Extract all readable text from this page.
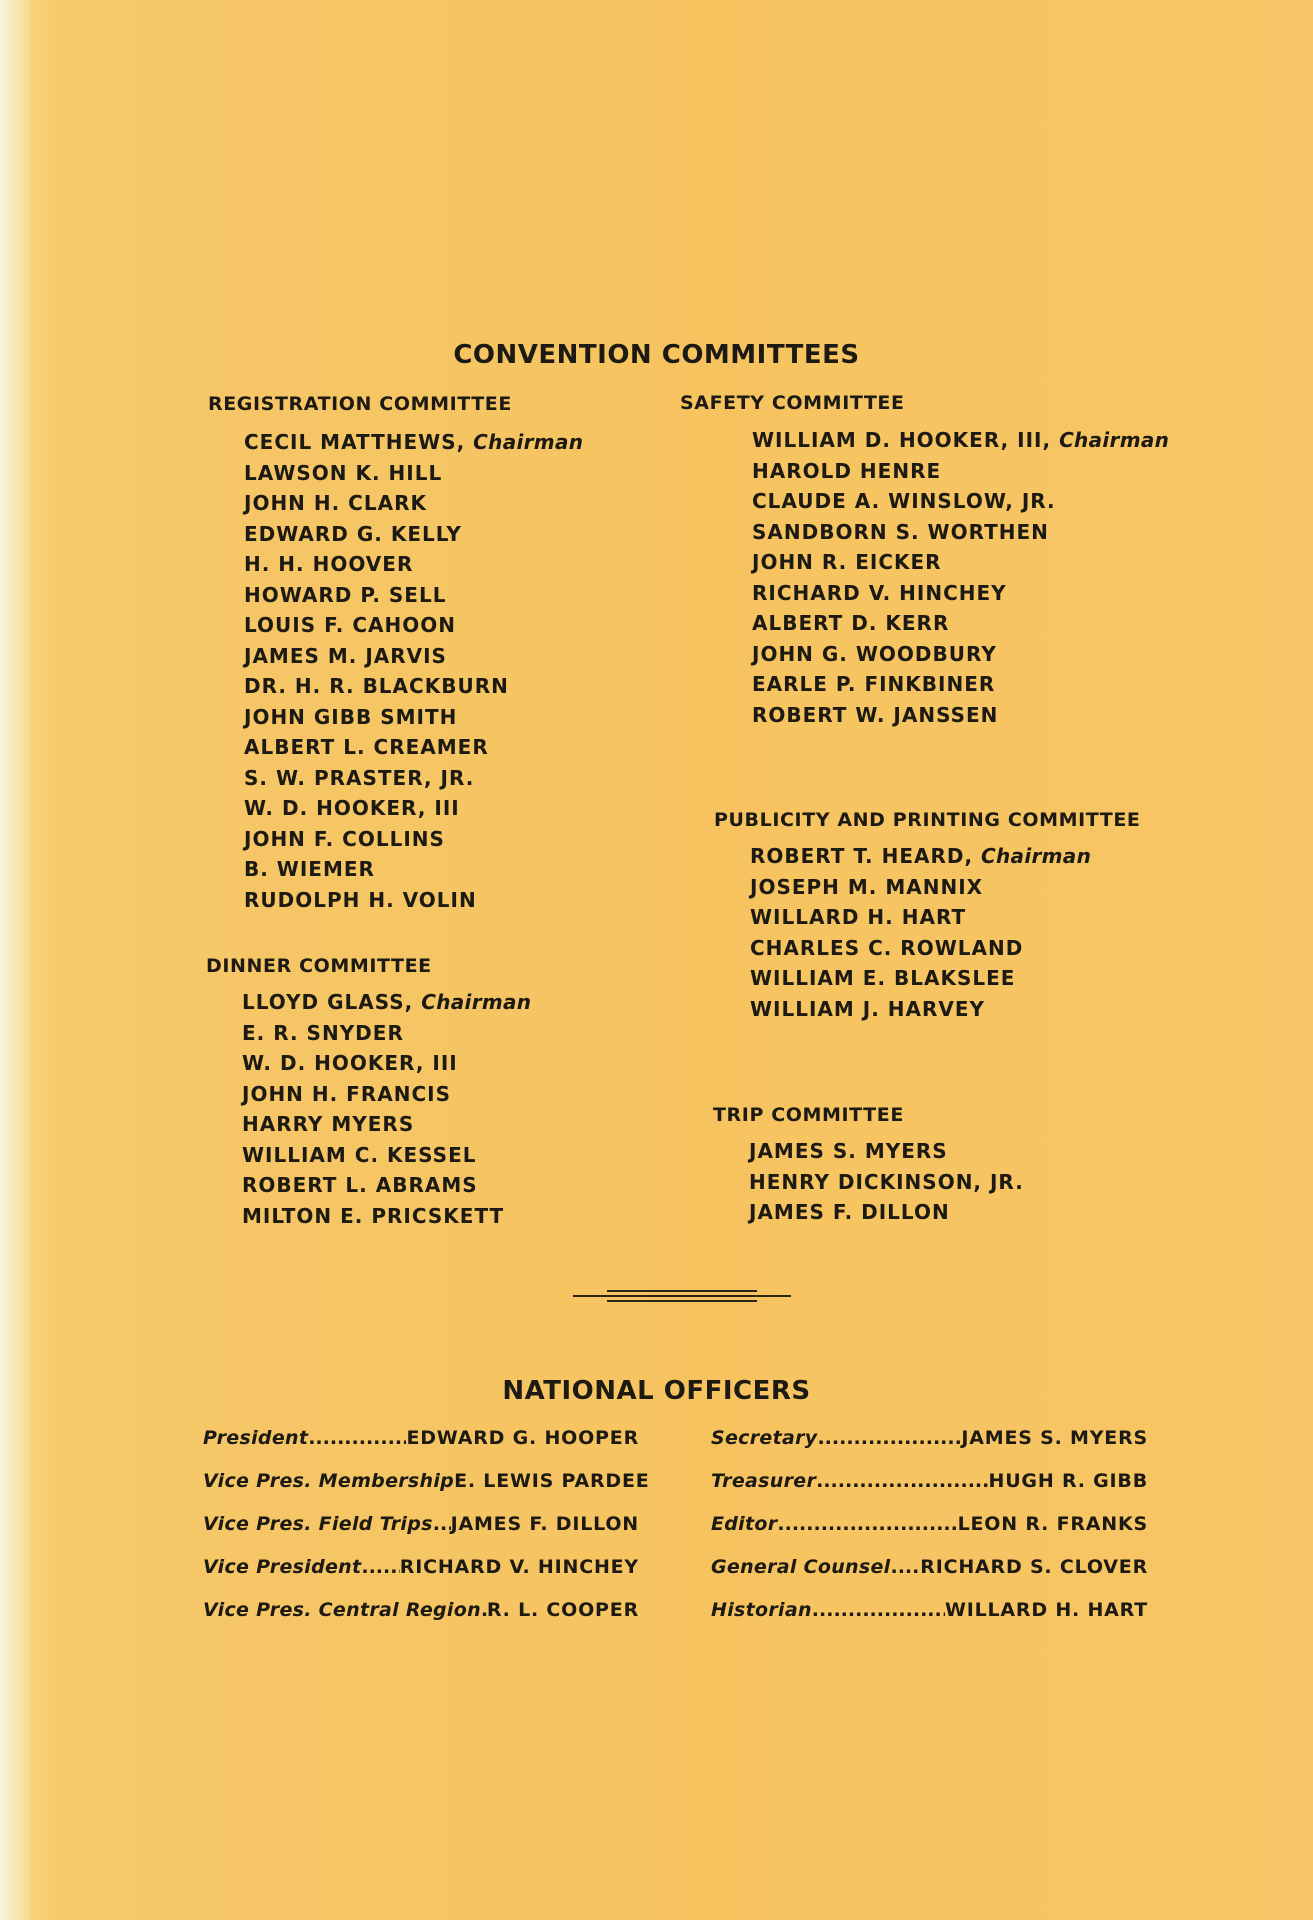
CONVENTION COMMITTEES
REGISTRATION COMMITTEE
CECIL MATTHEWS, Chairman
LAWSON K. HILL
JOHN H. CLARK
EDWARD G. KELLY
H. H. HOOVER
HOWARD P. SELL
LOUIS F. CAHOON
JAMES M. JARVIS
DR. H. R. BLACKBURN
JOHN GIBB SMITH
ALBERT L. CREAMER
S. W. PRASTER, JR.
W. D. HOOKER, III
JOHN F. COLLINS
B. WIEMER
RUDOLPH H. VOLIN
DINNER COMMITTEE
LLOYD GLASS, Chairman
E. R. SNYDER
W. D. HOOKER, III
JOHN H. FRANCIS
HARRY MYERS
WILLIAM C. KESSEL
ROBERT L. ABRAMS
MILTON E. PRICSKETT
SAFETY COMMITTEE
WILLIAM D. HOOKER, III, Chairman
HAROLD HENRE
CLAUDE A. WINSLOW, JR.
SANDBORN S. WORTHEN
JOHN R. EICKER
RICHARD V. HINCHEY
ALBERT D. KERR
JOHN G. WOODBURY
EARLE P. FINKBINER
ROBERT W. JANSSEN
PUBLICITY AND PRINTING COMMITTEE
ROBERT T. HEARD, Chairman
JOSEPH M. MANNIX
WILLARD H. HART
CHARLES C. ROWLAND
WILLIAM E. BLAKSLEE
WILLIAM J. HARVEY
TRIP COMMITTEE
JAMES S. MYERS
HENRY DICKINSON, JR.
JAMES F. DILLON
NATIONAL OFFICERS
President .....	EDWARD G. HOOPER
Vice Pres. Membership E. LEWIS PARDEE
Vice Pres. Field Trips ..... JAMES F. DILLON
Vice President ..... RICHARD V. HINCHEY
Vice Pres. Central Region ..... R. L. COOPER
Secretary .....	JAMES S. MYERS
Treasurer .....	HUGH R. GIBB
Editor .....	LEON R. FRANKS
General Counsel ..... RICHARD S. CLOVER
Historian .....	WILLARD H. HART
